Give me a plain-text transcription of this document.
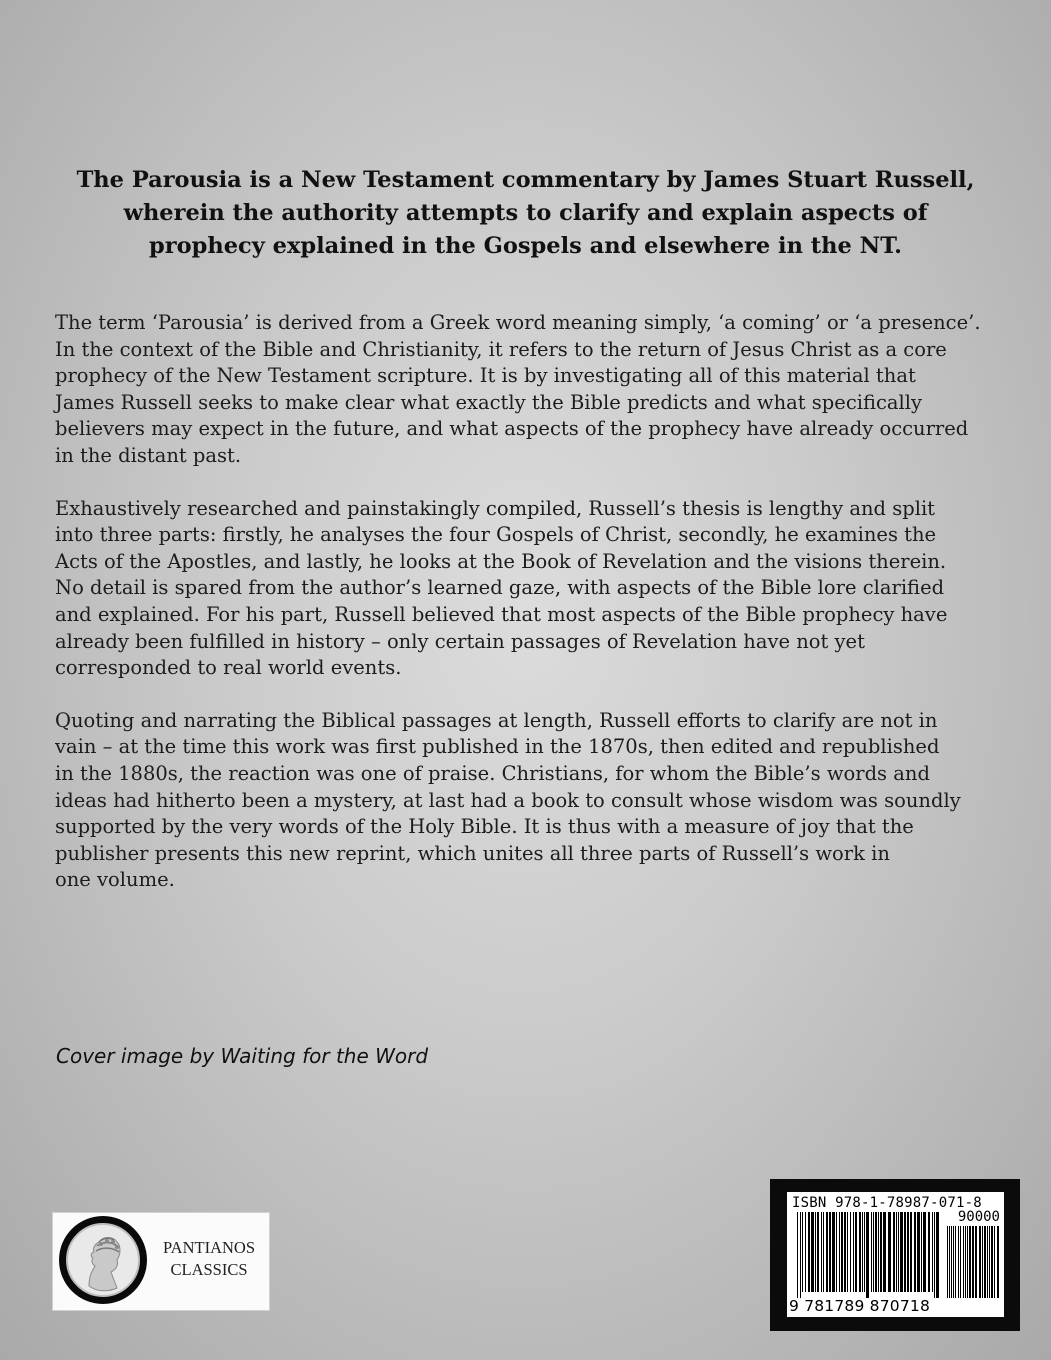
The Parousia is a New Testament commentary by James Stuart Russell,
wherein the authority attempts to clarify and explain aspects of
prophecy explained in the Gospels and elsewhere in the NT.

The term ‘Parousia’ is derived from a Greek word meaning simply, ‘a coming’ or ‘a presence’.
In the context of the Bible and Christianity, it refers to the return of Jesus Christ as a core
prophecy of the New Testament scripture. It is by investigating all of this material that
James Russell seeks to make clear what exactly the Bible predicts and what specifically
believers may expect in the future, and what aspects of the prophecy have already occurred
in the distant past.

Exhaustively researched and painstakingly compiled, Russell’s thesis is lengthy and split
into three parts: firstly, he analyses the four Gospels of Christ, secondly, he examines the
Acts of the Apostles, and lastly, he looks at the Book of Revelation and the visions therein.
No detail is spared from the author’s learned gaze, with aspects of the Bible lore clarified
and explained. For his part, Russell believed that most aspects of the Bible prophecy have
already been fulfilled in history – only certain passages of Revelation have not yet
corresponded to real world events.

Quoting and narrating the Biblical passages at length, Russell efforts to clarify are not in
vain – at the time this work was first published in the 1870s, then edited and republished
in the 1880s, the reaction was one of praise. Christians, for whom the Bible’s words and
ideas had hitherto been a mystery, at last had a book to consult whose wisdom was soundly
supported by the very words of the Holy Bible. It is thus with a measure of joy that the
publisher presents this new reprint, which unites all three parts of Russell’s work in
one volume.

Cover image by Waiting for the Word
PANTIANOS
CLASSICS
ISBN 978-1-78987-071-8
90000
9 781789 870718
